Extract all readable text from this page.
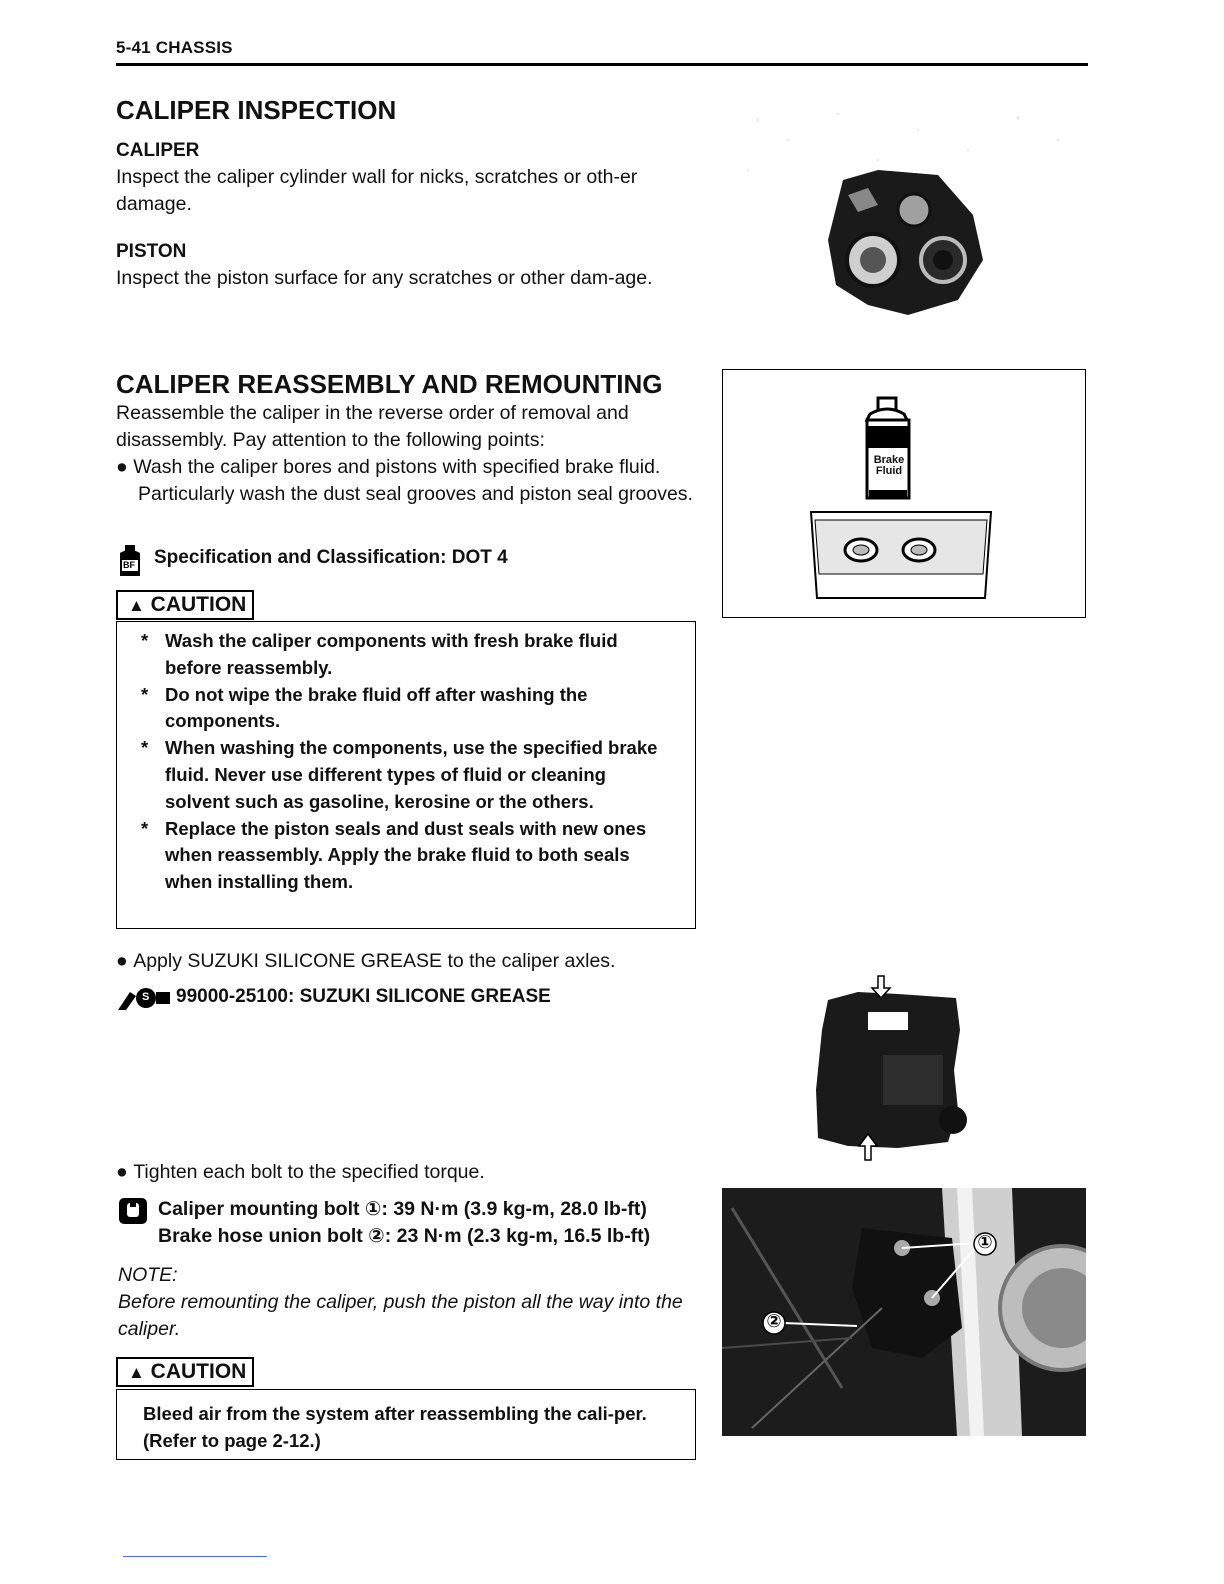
5-41 CHASSIS
CALIPER INSPECTION
CALIPER
Inspect the caliper cylinder wall for nicks, scratches or oth-er damage.
PISTON
Inspect the piston surface for any scratches or other dam-age.
CALIPER REASSEMBLY AND REMOUNTING
Reassemble the caliper in the reverse order of removal and disassembly. Pay attention to the following points:
● Wash the caliper bores and pistons with specified brake fluid. Particularly wash the dust seal grooves and piston seal grooves.
BF Specification and Classification: DOT 4
▲ CAUTION
* Wash the caliper components with fresh brake fluid before reassembly.
* Do not wipe the brake fluid off after washing the components.
* When washing the components, use the specified brake fluid. Never use different types of fluid or cleaning solvent such as gasoline, kerosine or the others.
* Replace the piston seals and dust seals with new ones when reassembly. Apply the brake fluid to both seals when installing them.
Brake Fluid
● Apply SUZUKI SILICONE GREASE to the caliper axles.
S 99000-25100: SUZUKI SILICONE GREASE
● Tighten each bolt to the specified torque.
Caliper mounting bolt ①: 39 N·m (3.9 kg-m, 28.0 lb-ft)
Brake hose union bolt ②: 23 N·m (2.3 kg-m, 16.5 lb-ft)
NOTE:
Before remounting the caliper, push the piston all the way into the caliper.
▲ CAUTION
Bleed air from the system after reassembling the cali-per. (Refer to page 2-12.)
①
②
